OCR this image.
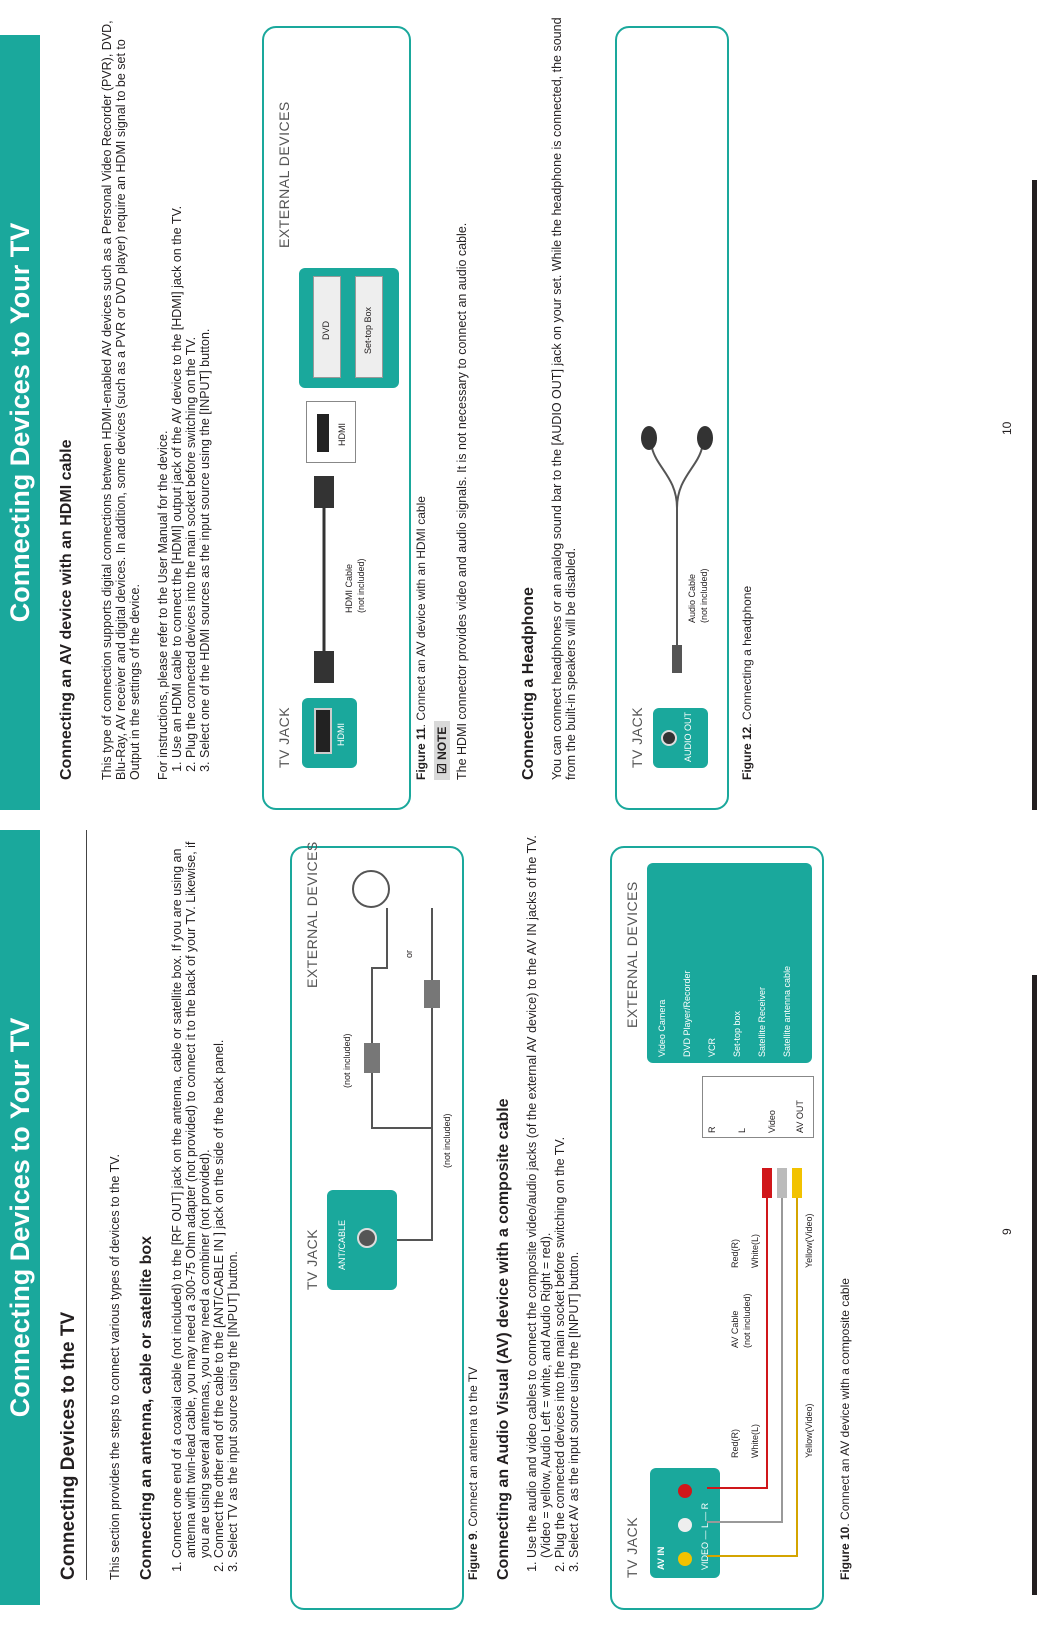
Connecting Devices to Your TV
Connecting Devices to the TV This section provides the steps to connect various types of devices to the TV. Connecting an antenna, cable or satellite box 1. Connect one end of a coaxial cable (not included) to the [RF OUT] jack on the antenna, cable or satellite box. If you are using an antenna with twin-lead cable, you may need a 300-75 Ohm adapter (not provided) to connect it to the back of your TV. Likewise, if you are using several antennas, you may need a combiner (not provided). 2. Connect the other end of the cable to the [ANT/CABLE IN ] jack on the side of the back panel. 3. Select TV as the input source using the [INPUT] button.	TV JACK
EXTERNAL DEVICES
ANT/CABLE
(not included)
(not included)
or
Figure 9. Connect an antenna to the TV Connecting an Audio Visual (AV) device with a composite cable 1. Use the audio and video cables to connect the composite video/audio jacks (of the external AV device) to the AV IN jacks of the TV. (Video = yellow, Audio Left = white, and Audio Right = red). 2. Plug the connected devices into the main socket before switching on the TV. 3. Select AV as the input source using the [INPUT] button.	TV JACK
EXTERNAL DEVICES
AV IN	VIDEO — L — R
Red(R) White(L)	Yellow(Video)
AV Cable (not included)
Red(R) White(L)	Yellow(Video)
R L Video AV OUT
Video Camera DVD Player/Recorder VCR Set-top box Satellite Receiver Satellite antenna cable
Figure 10. Connect an AV device with a composite cable
9
Connecting Devices to Your TV	Connecting an AV device with an HDMI cable This type of connection supports digital connections between HDMI-enabled AV devices such as a Personal Video Recorder (PVR), DVD, Blu-Ray, AV receiver and digital devices. In addition, some devices (such as a PVR or DVD player) require an HDMI signal to be set to Output in the settings of the device. For instructions, please refer to the User Manual for the device. 1. Use an HDMI cable to connect the [HDMI] output jack of the AV device to the [HDMI] jack on the TV. 2. Plug the connected devices into the main socket before switching on the TV. 3. Select one of the HDMI sources as the input source using the [INPUT] button.	TV JACK
EXTERNAL DEVICES
HDMI
HDMI Cable (not included)
HDMI
DVD	Set-top Box
Figure 11. Connect an AV device with an HDMI cable
☑ NOTE The HDMI connector provides video and audio signals. It is not necessary to connect an audio cable.	Connecting a Headphone You can connect headphones or an analog sound bar to the [AUDIO OUT] jack on your set. While the headphone is connected, the sound from the built-in speakers will be disabled.	TV JACK	AUDIO OUT
Audio Cable (not included)
Figure 12. Connecting a headphone
10
